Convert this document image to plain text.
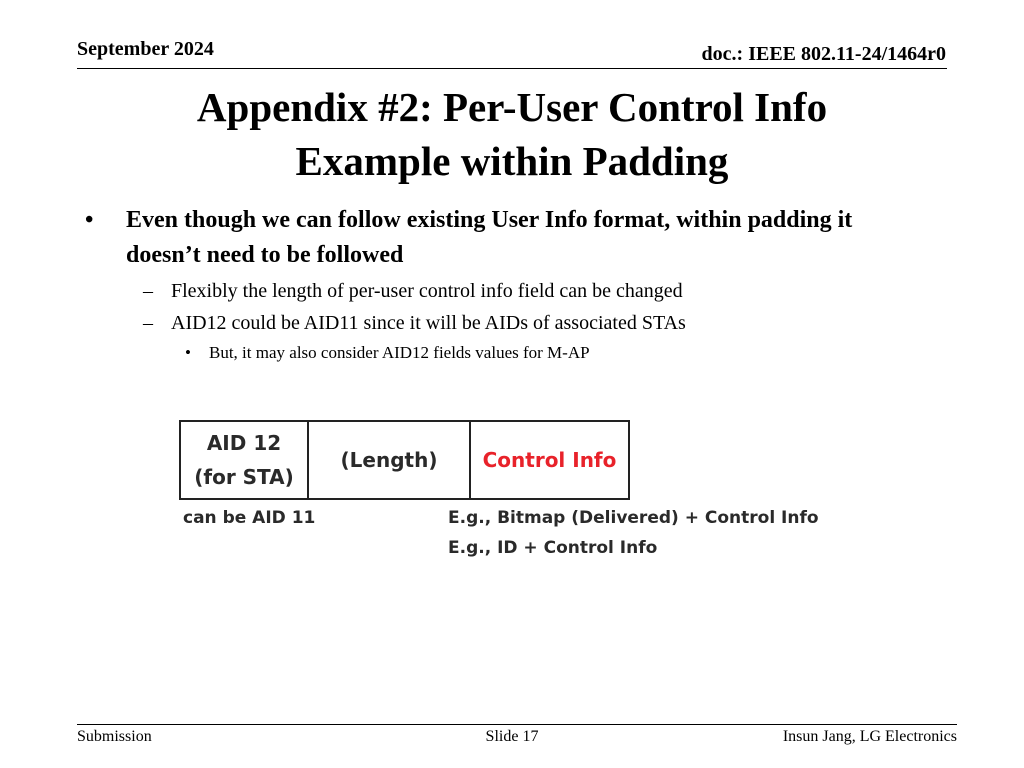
September 2024	doc.: IEEE 802.11-24/1464r0
Appendix #2: Per-User Control Info
Example within Padding
• Even though we can follow existing User Info format, within padding it doesn’t need to be followed
– Flexibly the length of per-user control info field can be changed
– AID12 could be AID11 since it will be AIDs of associated STAs
• But, it may also consider AID12 fields values for M-AP
AID 12
(for STA)
(Length)	Control Info
can be AID 11	E.g., Bitmap (Delivered) + Control Info
E.g., ID + Control Info
Submission	Slide 17	Insun Jang, LG Electronics
